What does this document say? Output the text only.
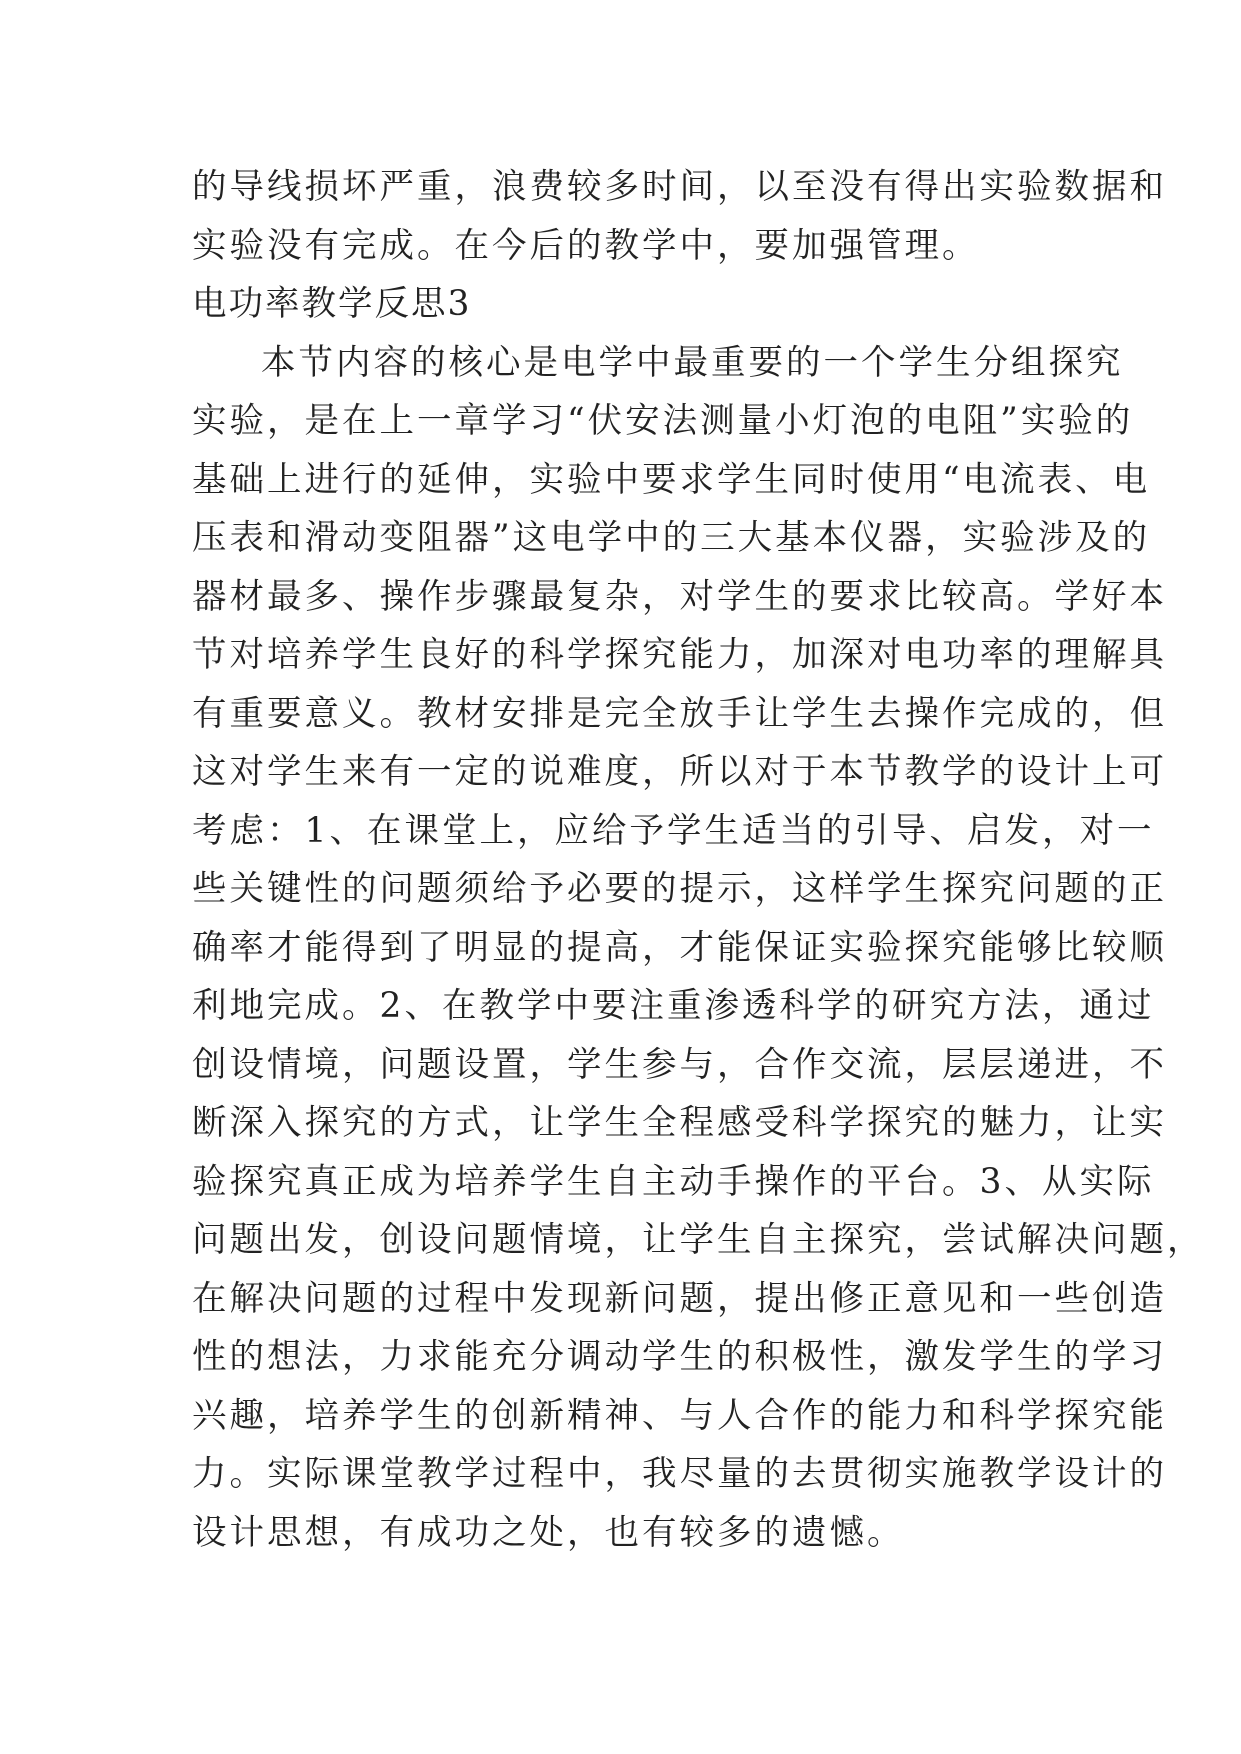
的导线损坏严重，浪费较多时间，以至没有得出实验数据和
实验没有完成。在今后的教学中，要加强管理。
电功率教学反思3
本节内容的核心是电学中最重要的一个学生分组探究
实验，是在上一章学习“伏安法测量小灯泡的电阻”实验的
基础上进行的延伸，实验中要求学生同时使用“电流表、电
压表和滑动变阻器”这电学中的三大基本仪器，实验涉及的
器材最多、操作步骤最复杂，对学生的要求比较高。学好本
节对培养学生良好的科学探究能力，加深对电功率的理解具
有重要意义。教材安排是完全放手让学生去操作完成的，但
这对学生来有一定的说难度，所以对于本节教学的设计上可
考虑：1、在课堂上，应给予学生适当的引导、启发，对一
些关键性的问题须给予必要的提示，这样学生探究问题的正
确率才能得到了明显的提高，才能保证实验探究能够比较顺
利地完成。2、在教学中要注重渗透科学的研究方法，通过
创设情境，问题设置，学生参与，合作交流，层层递进，不
断深入探究的方式，让学生全程感受科学探究的魅力，让实
验探究真正成为培养学生自主动手操作的平台。3、从实际
问题出发，创设问题情境，让学生自主探究，尝试解决问题，
在解决问题的过程中发现新问题，提出修正意见和一些创造
性的想法，力求能充分调动学生的积极性，激发学生的学习
兴趣，培养学生的创新精神、与人合作的能力和科学探究能
力。实际课堂教学过程中，我尽量的去贯彻实施教学设计的
设计思想，有成功之处，也有较多的遗憾。
